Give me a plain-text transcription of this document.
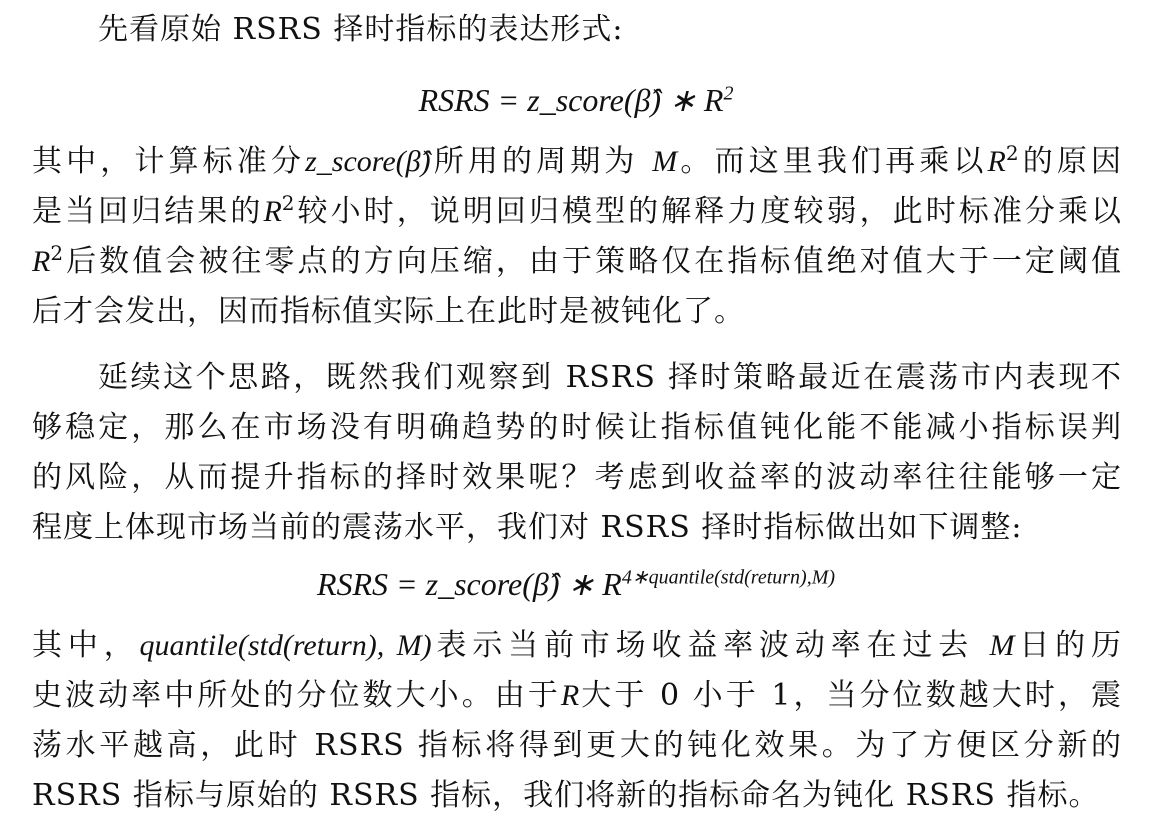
先看原始 RSRS 择时指标的表达形式:
RSRS = z_score(β̂) ∗ $R^2$
其中，计算标准分z_score(β̂)所用的周期为 M。而这里我们再乘以$R^2$的原因
是当回归结果的$R^2$较小时，说明回归模型的解释力度较弱，此时标准分乘以
$R^2$后数值会被往零点的方向压缩，由于策略仅在指标值绝对值大于一定阈值
后才会发出，因而指标值实际上在此时是被钝化了。
延续这个思路，既然我们观察到 RSRS 择时策略最近在震荡市内表现不
够稳定，那么在市场没有明确趋势的时候让指标值钝化能不能减小指标误判
的风险，从而提升指标的择时效果呢？考虑到收益率的波动率往往能够一定
程度上体现市场当前的震荡水平，我们对 RSRS 择时指标做出如下调整:
RSRS = z_score(β̂) ∗ $R^{4∗quantile(std(return),M)}$
其中，quantile(std(return), M)表示当前市场收益率波动率在过去 M日的历
史波动率中所处的分位数大小。由于R大于 0 小于 1，当分位数越大时，震
荡水平越高，此时 RSRS 指标将得到更大的钝化效果。为了方便区分新的
RSRS 指标与原始的 RSRS 指标，我们将新的指标命名为钝化 RSRS 指标。
